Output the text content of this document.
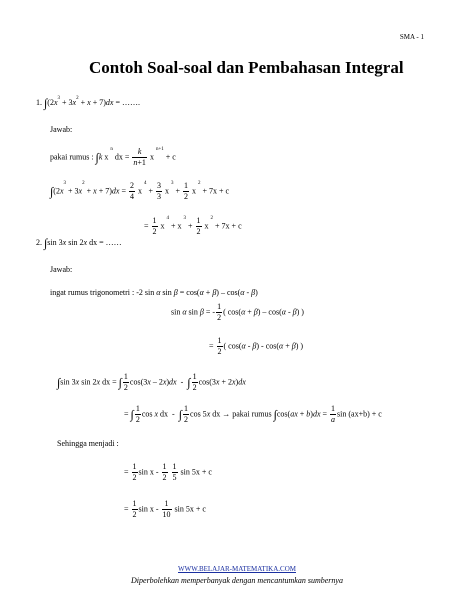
SMA - 1
Contoh Soal-soal dan Pembahasan Integral
1. $\int(2x^3 + 3x^2 + x + 7)dx$ = …….
Jawab:
pakai rumus : ∫k x $^n$ dx = $\frac{k}{n+1}$ x $^{n+1}$ + c
$\int(2x^3 + 3x^2 + x + 7)dx = \frac{2}{4}$ x $^4 + \frac{3}{3}$ x $^3 + \frac{1}{2}$ x $^2$ + 7x + c
= $\frac{1}{2}$ x $^4$ + x $^3 + \frac{1}{2}$ x $^2$ + 7x + c
2. ∫sin 3x sin 2x dx = ……
Jawab:
ingat rumus trigonometri : -2 sin α sin β = cos(α + β) – cos(α - β)
sin α sin β = - $\frac{1}{2}$ ( cos(α + β) – cos(α - β) )
= $\frac{1}{2}$ ( cos(α - β) - cos(α + β) )
∫sin 3x sin 2x dx = ∫ $\frac{1}{2} \cos(3x - 2x)dx$  -  ∫ $\frac{1}{2} \cos(3x + 2x)dx$
= ∫ $\frac{1}{2}$ cos x dx  -  ∫ $\frac{1}{2}$ cos 5x dx → pakai rumus $\int\cos(ax + b)dx = \frac{1}{a}$ sin (ax+b) + c
Sehingga menjadi :
= $\frac{1}{2}$ sin x - $\frac{1}{2}$
$\frac{1}{5}$ sin 5x + c
= $\frac{1}{2}$ sin x - $\frac{1}{10}$ sin 5x + c
WWW.BELAJAR-MATEMATIKA.COM
Diperbolehkan memperbanyak dengan mencantumkan sumbernya
